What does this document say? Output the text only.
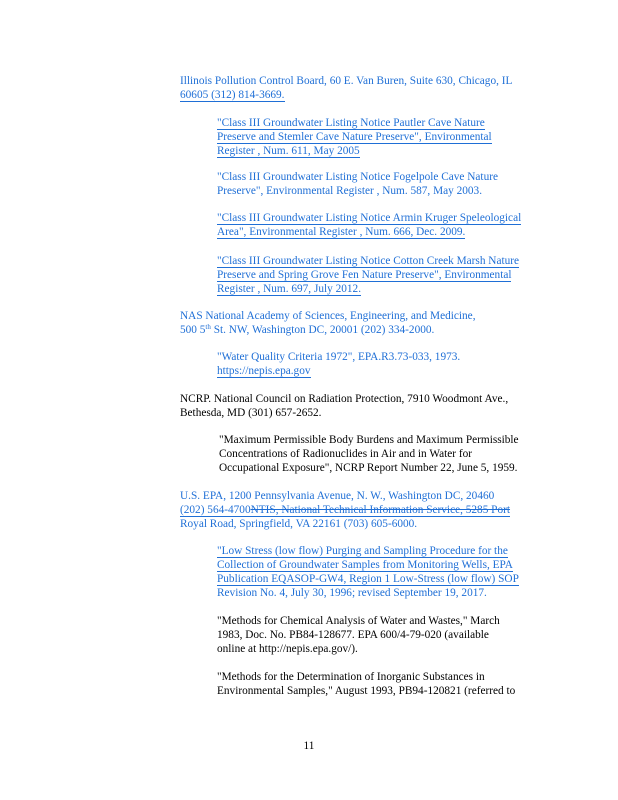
Illinois Pollution Control Board, 60 E. Van Buren, Suite 630, Chicago, IL
60605 (312) 814-3669.
"Class III Groundwater Listing Notice Pautler Cave Nature
Preserve and Stemler Cave Nature Preserve", Environmental
Register , Num. 611, May 2005
"Class III Groundwater Listing Notice Fogelpole Cave Nature
Preserve", Environmental Register , Num. 587, May 2003.
"Class III Groundwater Listing Notice Armin Kruger Speleological
Area", Environmental Register , Num. 666, Dec. 2009.
"Class III Groundwater Listing Notice Cotton Creek Marsh Nature
Preserve and Spring Grove Fen Nature Preserve", Environmental
Register , Num. 697, July 2012.
NAS National Academy of Sciences, Engineering, and Medicine,
500 5th St. NW, Washington DC, 20001 (202) 334-2000.
"Water Quality Criteria 1972", EPA.R3.73-033, 1973.
https://nepis.epa.gov
NCRP. National Council on Radiation Protection, 7910 Woodmont Ave.,
Bethesda, MD (301) 657-2652.
"Maximum Permissible Body Burdens and Maximum Permissible
Concentrations of Radionuclides in Air and in Water for
Occupational Exposure", NCRP Report Number 22, June 5, 1959.
U.S. EPA, 1200 Pennsylvania Avenue, N. W., Washington DC, 20460
(202) 564-4700NTIS, National Technical Information Service, 5285 Port
Royal Road, Springfield, VA 22161 (703) 605-6000.
"Low Stress (low flow) Purging and Sampling Procedure for the
Collection of Groundwater Samples from Monitoring Wells, EPA
Publication EQASOP-GW4, Region 1 Low-Stress (low flow) SOP
Revision No. 4, July 30, 1996; revised September 19, 2017.
"Methods for Chemical Analysis of Water and Wastes," March
1983, Doc. No. PB84-128677. EPA 600/4-79-020 (available
online at http://nepis.epa.gov/).
"Methods for the Determination of Inorganic Substances in
Environmental Samples," August 1993, PB94-120821 (referred to
11
